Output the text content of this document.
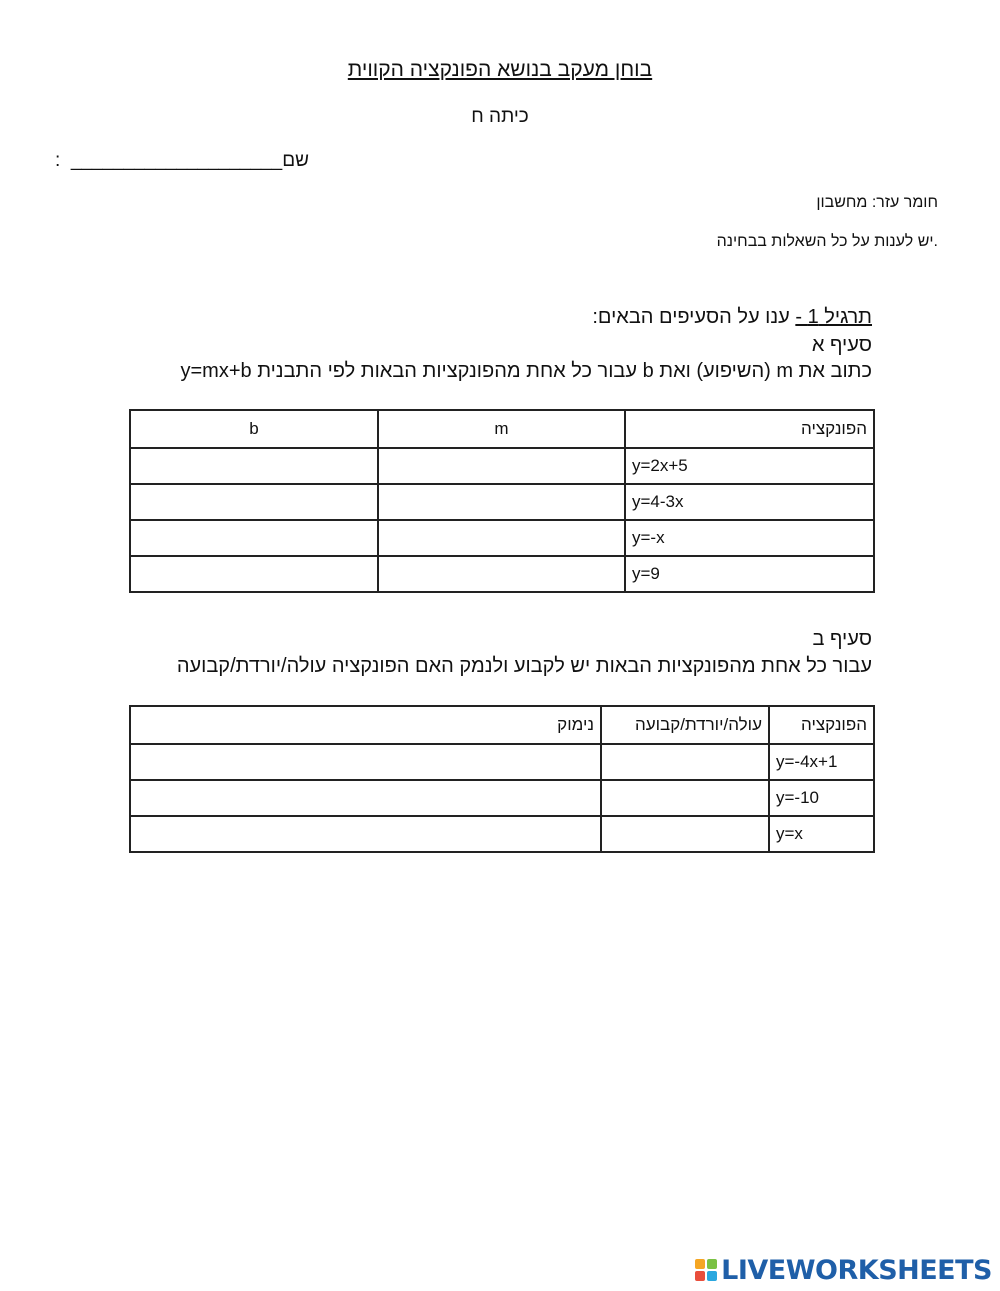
בוחן מעקב בנושא הפונקציה הקווית
כיתה ח
:  ____________________שם
חומר עזר: מחשבון
.יש לענות על כל השאלות בבחינה
תרגיל 1 - ענו על הסעיפים הבאים:
סעיף א
כתוב את m (השיפוע) ואת b עבור כל אחת מהפונקציות הבאות לפי התבנית y=mx+b
b	m	הפונקציה
		y=2x+5
		y=4-3x
		y=-x
		y=9
סעיף ב
עבור כל אחת מהפונקציות הבאות יש לקבוע ולנמק האם הפונקציה עולה/יורדת/קבועה
נימוק	עולה/יורדת/קבועה	הפונקציה
		y=-4x+1
		y=-10
		y=x
LIVEWORKSHEETS
